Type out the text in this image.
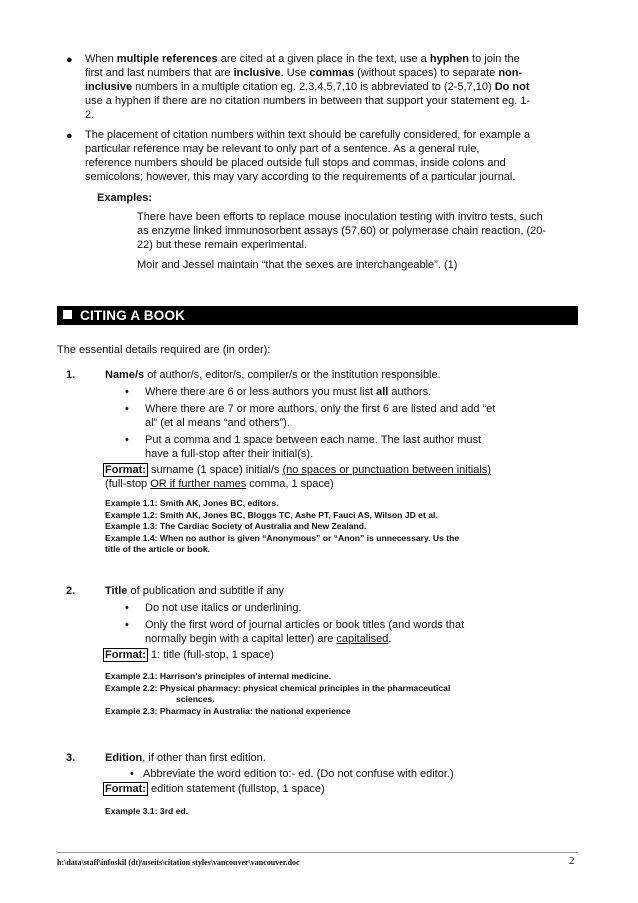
● When multiple references are cited at a given place in the text, use a hyphen to join the
first and last numbers that are inclusive. Use commas (without spaces) to separate non-
inclusive numbers in a multiple citation eg. 2,3,4,5,7,10 is abbreviated to (2-5,7,10) Do not
use a hyphen if there are no citation numbers in between that support your statement eg. 1-
2.
● The placement of citation numbers within text should be carefully considered, for example a
particular reference may be relevant to only part of a sentence. As a general rule,
reference numbers should be placed outside full stops and commas, inside colons and
semicolons; however, this may vary according to the requirements of a particular journal.
Examples:
There have been efforts to replace mouse inoculation testing with invitro tests, such
as enzyme linked immunosorbent assays (57,60) or polymerase chain reaction, (20-
22) but these remain experimental.
Moir and Jessel maintain “that the sexes are interchangeable”. (1)
CITING A BOOK
The essential details required are (in order):
1.	Name/s of author/s, editor/s, compiler/s or the institution responsible.
• Where there are 6 or less authors you must list all authors.
• Where there are 7 or more authors, only the first 6 are listed and add “et
al” (et al means “and others”).
• Put a comma and 1 space between each name. The last author must
have a full-stop after their initial(s).
Format: surname (1 space) initial/s (no spaces or punctuation between initials)
(full-stop OR if further names comma, 1 space)
Example 1.1: Smith AK, Jones BC, editors.
Example 1.2: Smith AK, Jones BC, Bloggs TC, Ashe PT, Fauci AS, Wilson JD et al.
Example 1.3: The Cardiac Society of Australia and New Zealand.
Example 1.4: When no author is given “Anonymous” or “Anon” is unnecessary. Us the
title of the article or book.
2.	Title of publication and subtitle if any
• Do not use italics or underlining.
• Only the first word of journal articles or book titles (and words that
normally begin with a capital letter) are capitalised.
Format: 1: title (full-stop, 1 space)
Example 2.1: Harrison’s principles of internal medicine.
Example 2.2: Physical pharmacy: physical chemical principles in the pharmaceutical
sciences.
Example 2.3: Pharmacy in Australia: the national experience
3.	Edition, if other than first edition.
• Abbreviate the word edition to:- ed. (Do not confuse with editor.)
Format: edition statement (fullstop, 1 space)
Example 3.1: 3rd ed.
h:\data\staff\infoskil (dt)\useits\citation styles\vancouver\vancouver.doc	2
